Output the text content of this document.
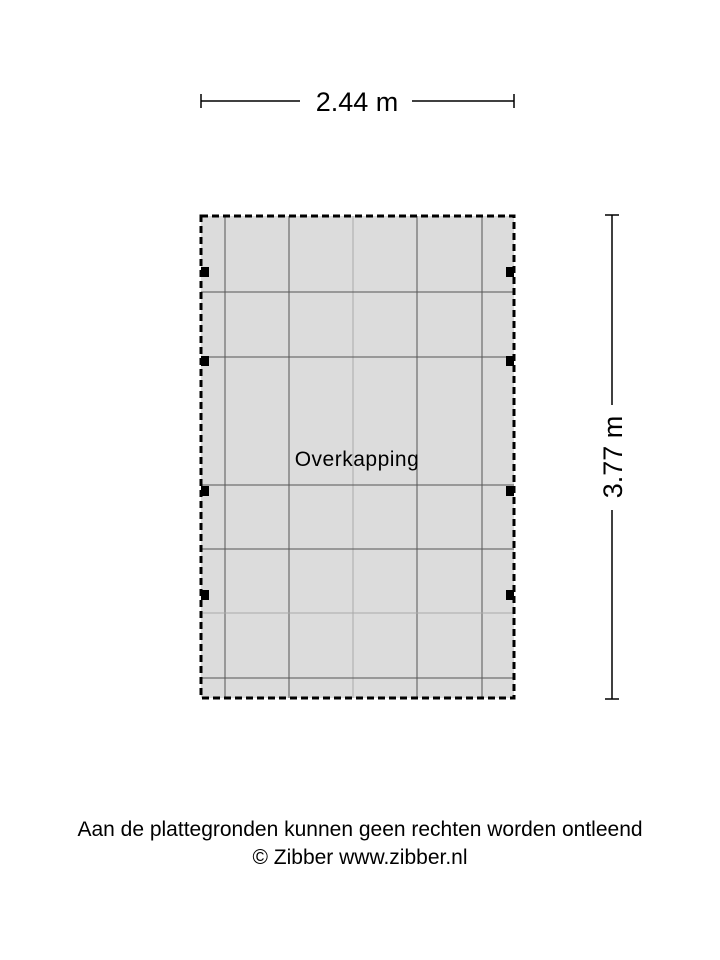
2.44 m
3.77 m
Overkapping
Aan de plattegronden kunnen geen rechten worden ontleend
© Zibber www.zibber.nl
